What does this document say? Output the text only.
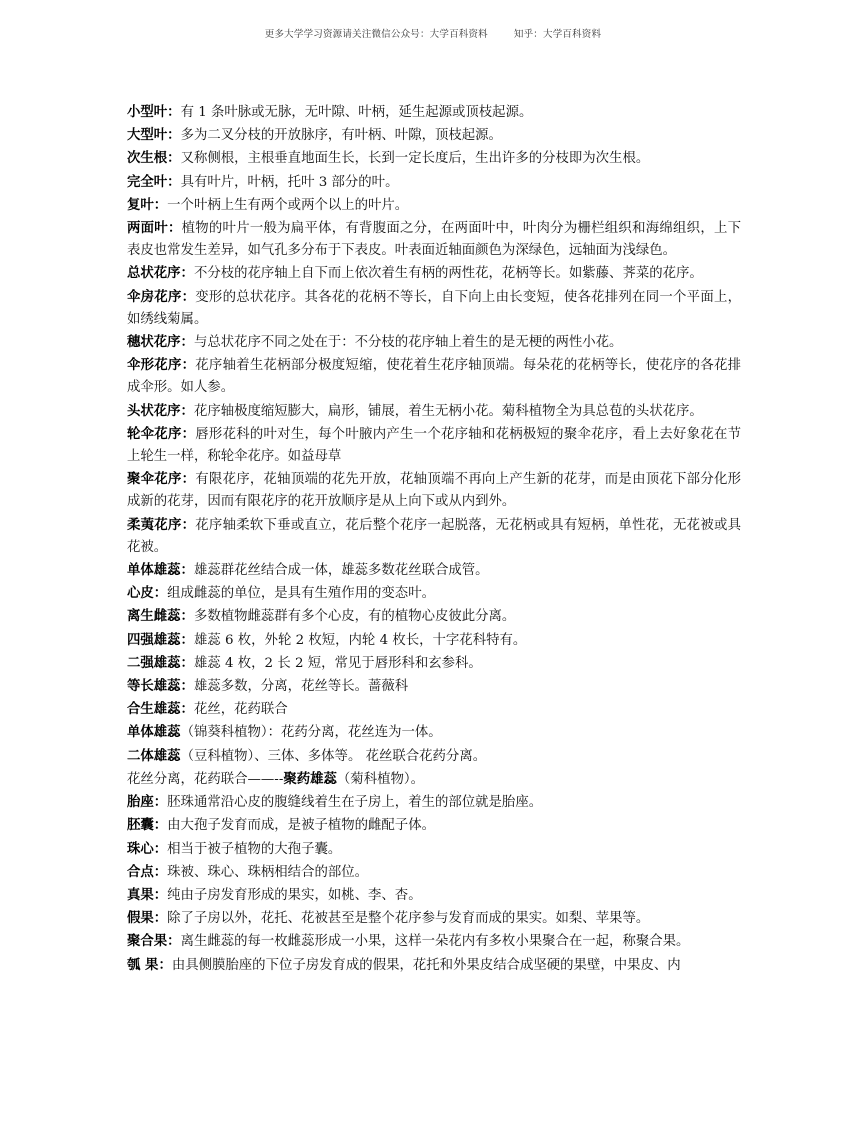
更多大学学习资源请关注微信公众号：大学百科资料	知乎：大学百科资料

小型叶：有 1 条叶脉或无脉，无叶隙、叶柄，延生起源或顶枝起源。

大型叶：多为二叉分枝的开放脉序，有叶柄、叶隙，顶枝起源。

次生根：又称侧根，主根垂直地面生长，长到一定长度后，生出许多的分枝即为次生根。

完全叶：具有叶片，叶柄，托叶 3 部分的叶。

复叶：一个叶柄上生有两个或两个以上的叶片。

两面叶：植物的叶片一般为扁平体，有背腹面之分，在两面叶中，叶肉分为栅栏组织和海绵组织，上下表皮也常发生差异，如气孔多分布于下表皮。叶表面近轴面颜色为深绿色，远轴面为浅绿色。

总状花序：不分枝的花序轴上自下而上依次着生有柄的两性花，花柄等长。如紫藤、荠菜的花序。

伞房花序：变形的总状花序。其各花的花柄不等长，自下向上由长变短，使各花排列在同一个平面上，如绣线菊属。

穗状花序：与总状花序不同之处在于：不分枝的花序轴上着生的是无梗的两性小花。

伞形花序：花序轴着生花柄部分极度短缩，使花着生花序轴顶端。每朵花的花柄等长，使花序的各花排成伞形。如人参。

头状花序：花序轴极度缩短膨大，扁形，铺展，着生无柄小花。菊科植物全为具总苞的头状花序。

轮伞花序：唇形花科的叶对生，每个叶腋内产生一个花序轴和花柄极短的聚伞花序，看上去好象花在节上轮生一样，称轮伞花序。如益母草

聚伞花序：有限花序，花轴顶端的花先开放，花轴顶端不再向上产生新的花芽，而是由顶花下部分化形成新的花芽，因而有限花序的花开放顺序是从上向下或从内到外。

柔荑花序：花序轴柔软下垂或直立，花后整个花序一起脱落，无花柄或具有短柄，单性花，无花被或具花被。

单体雄蕊：雄蕊群花丝结合成一体，雄蕊多数花丝联合成管。

心皮：组成雌蕊的单位，是具有生殖作用的变态叶。

离生雌蕊：多数植物雌蕊群有多个心皮，有的植物心皮彼此分离。

四强雄蕊：雄蕊 6 枚，外轮 2 枚短，内轮 4 枚长，十字花科特有。

二强雄蕊：雄蕊 4 枚，2 长 2 短，常见于唇形科和玄参科。

等长雄蕊：雄蕊多数，分离，花丝等长。蔷薇科

合生雄蕊：花丝，花药联合

单体雄蕊（锦葵科植物）：花药分离，花丝连为一体。

二体雄蕊（豆科植物）、三体、多体等。 花丝联合花药分离。

花丝分离，花药联合——--聚药雄蕊（菊科植物）。

胎座：胚珠通常沿心皮的腹缝线着生在子房上，着生的部位就是胎座。

胚囊：由大孢子发育而成，是被子植物的雌配子体。

珠心：相当于被子植物的大孢子囊。

合点：珠被、珠心、珠柄相结合的部位。

真果：纯由子房发育形成的果实，如桃、李、杏。

假果：除了子房以外，花托、花被甚至是整个花序参与发育而成的果实。如梨、苹果等。

聚合果：离生雌蕊的每一枚雌蕊形成一小果，这样一朵花内有多枚小果聚合在一起，称聚合果。

瓠 果：由具侧膜胎座的下位子房发育成的假果，花托和外果皮结合成坚硬的果壁，中果皮、内
